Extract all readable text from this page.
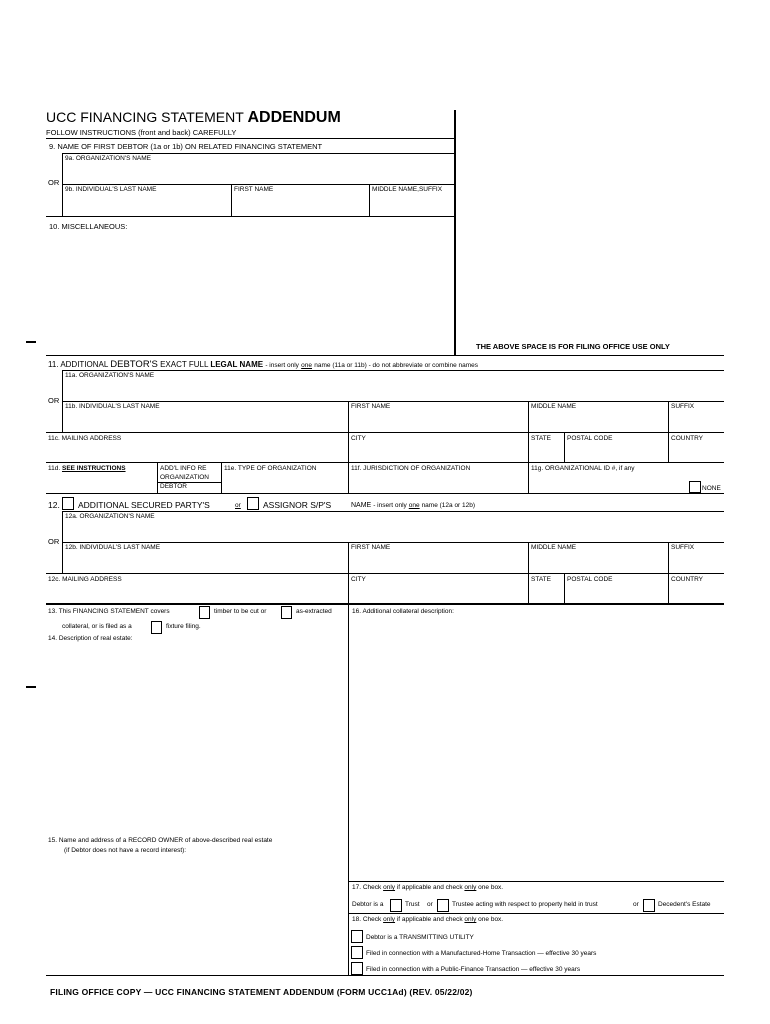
UCC FINANCING STATEMENT ADDENDUM
FOLLOW INSTRUCTIONS (front and back) CAREFULLY
9. NAME OF FIRST DEBTOR (1a or 1b) ON RELATED FINANCING STATEMENT
9a. ORGANIZATION'S NAME
OR
9b. INDIVIDUAL'S LAST NAME	FIRST NAME	MIDDLE NAME,SUFFIX
10. MISCELLANEOUS:
THE ABOVE SPACE IS FOR FILING OFFICE USE ONLY
11. ADDITIONAL DEBTOR'S EXACT FULL LEGAL NAME - insert only one name (11a or 11b) - do not abbreviate or combine names
11a. ORGANIZATION'S NAME
OR
11b. INDIVIDUAL'S LAST NAME	FIRST NAME	MIDDLE NAME	SUFFIX
11c. MAILING ADDRESS	CITY	STATE POSTAL CODE	COUNTRY
11d. SEE INSTRUCTIONS	ADD'L INFO RE
ORGANIZATION
DEBTOR
11e. TYPE OF ORGANIZATION	11f. JURISDICTION OF ORGANIZATION	11g. ORGANIZATIONAL ID #, if any
NONE
12. ADDITIONAL SECURED PARTY'S	or	ASSIGNOR S/P'S	NAME - insert only one name (12a or 12b)
12a. ORGANIZATION'S NAME
OR
12b. INDIVIDUAL'S LAST NAME	FIRST NAME	MIDDLE NAME	SUFFIX
12c. MAILING ADDRESS	CITY	STATE POSTAL CODE	COUNTRY
13. This FINANCING STATEMENT covers	timber to be cut or	as-extracted
collateral, or is filed as a	fixture filing.
14. Description of real estate:
15. Name and address of a RECORD OWNER of above-described real estate
(if Debtor does not have a record interest):
16. Additional collateral description:
17. Check only if applicable and check only one box.
Debtor is a	Trust or	Trustee acting with respect to property held in trust	or	Decedent's Estate
18. Check only if applicable and check only one box.
Debtor is a TRANSMITTING UTILITY
Filed in connection with a Manufactured-Home Transaction — effective 30 years
Filed in connection with a Public-Finance Transaction — effective 30 years
FILING OFFICE COPY — UCC FINANCING STATEMENT ADDENDUM (FORM UCC1Ad) (REV. 05/22/02)
